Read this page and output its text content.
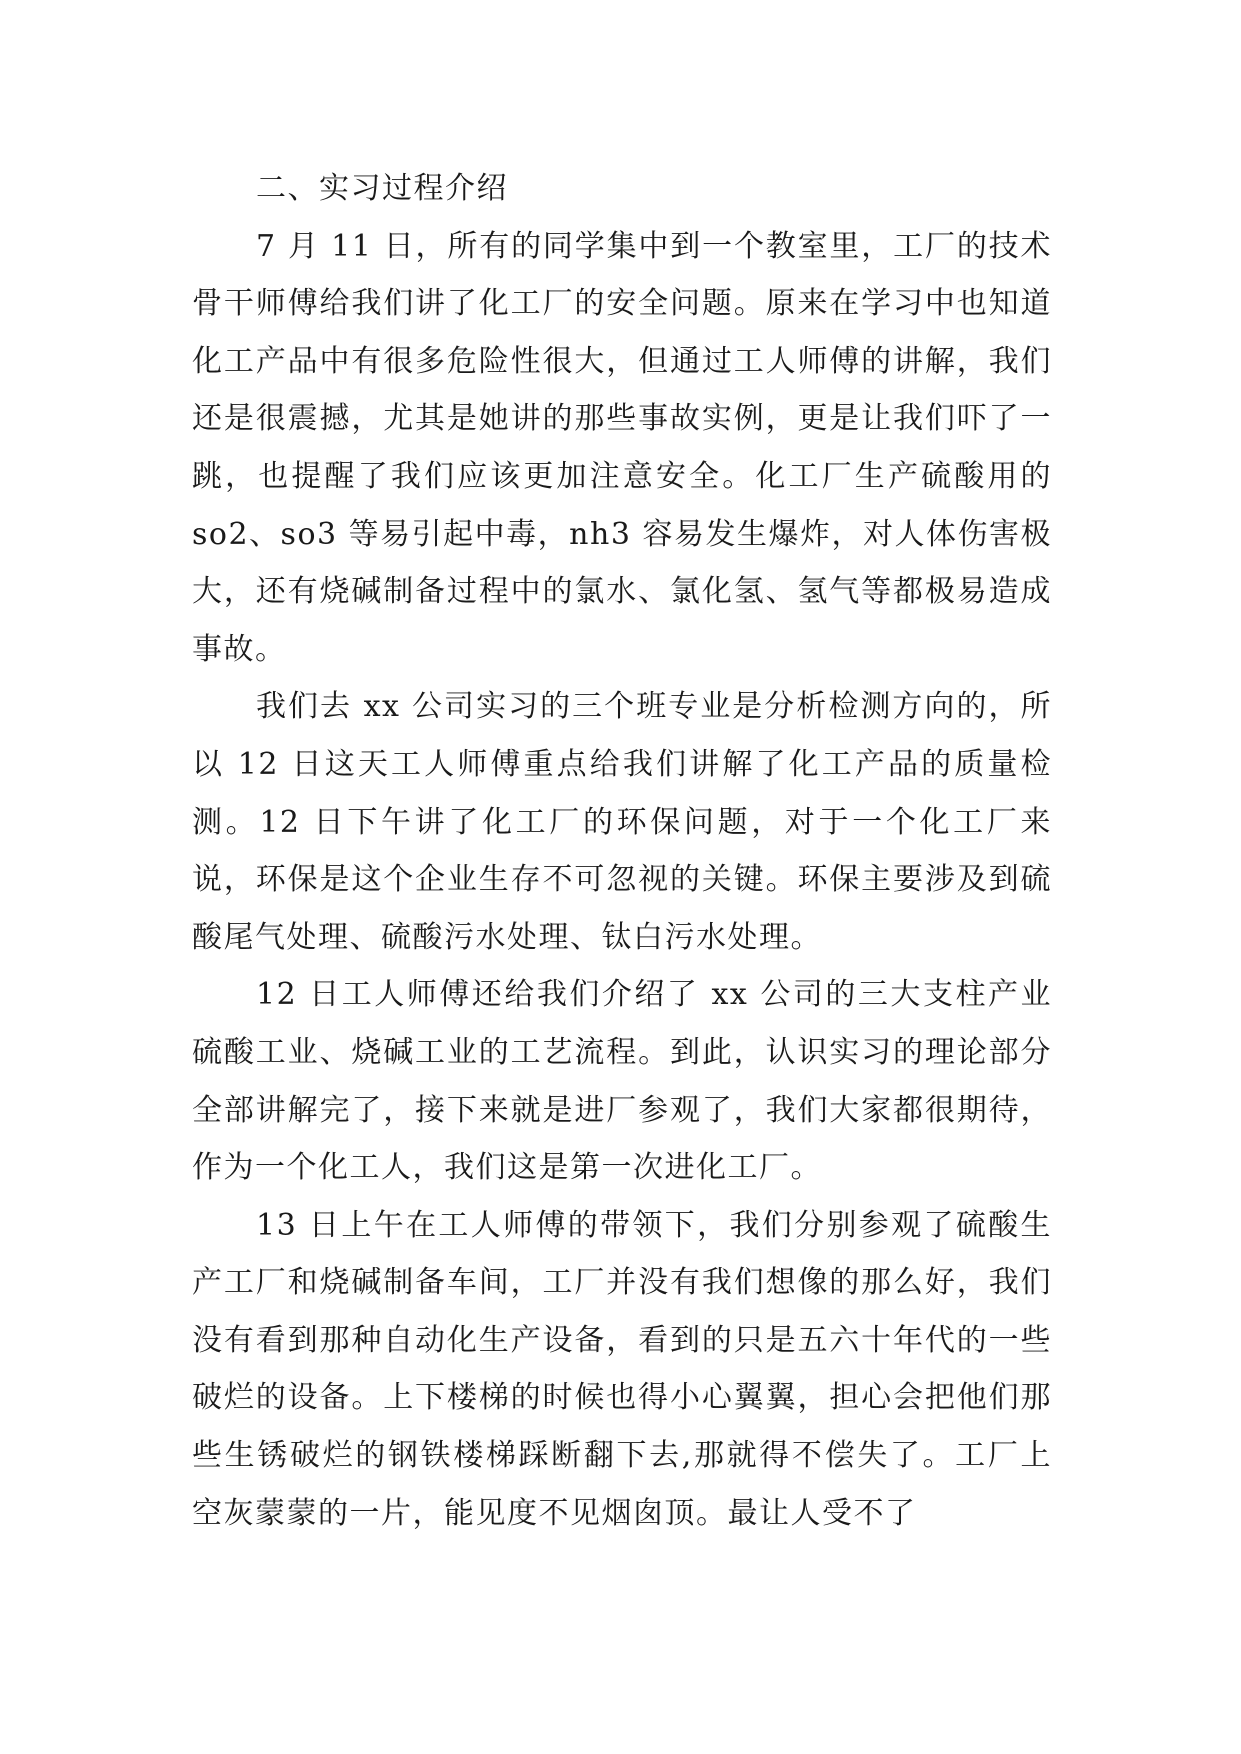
二、实习过程介绍

7 月 11 日，所有的同学集中到一个教室里，工厂的技术骨干师傅给我们讲了化工厂的安全问题。原来在学习中也知道化工产品中有很多危险性很大，但通过工人师傅的讲解，我们还是很震撼，尤其是她讲的那些事故实例，更是让我们吓了一跳，也提醒了我们应该更加注意安全。化工厂生产硫酸用的 so2、so3 等易引起中毒，nh3 容易发生爆炸，对人体伤害极大，还有烧碱制备过程中的氯水、氯化氢、氢气等都极易造成事故。

我们去 xx 公司实习的三个班专业是分析检测方向的，所以 12 日这天工人师傅重点给我们讲解了化工产品的质量检测。12 日下午讲了化工厂的环保问题，对于一个化工厂来说，环保是这个企业生存不可忽视的关键。环保主要涉及到硫酸尾气处理、硫酸污水处理、钛白污水处理。

12 日工人师傅还给我们介绍了 xx 公司的三大支柱产业硫酸工业、烧碱工业的工艺流程。到此，认识实习的理论部分全部讲解完了，接下来就是进厂参观了，我们大家都很期待，作为一个化工人，我们这是第一次进化工厂。

13 日上午在工人师傅的带领下，我们分别参观了硫酸生产工厂和烧碱制备车间，工厂并没有我们想像的那么好，我们没有看到那种自动化生产设备，看到的只是五六十年代的一些破烂的设备。上下楼梯的时候也得小心翼翼，担心会把他们那些生锈破烂的钢铁楼梯踩断翻下去,那就得不偿失了。工厂上空灰蒙蒙的一片，能见度不见烟囱顶。最让人受不了
